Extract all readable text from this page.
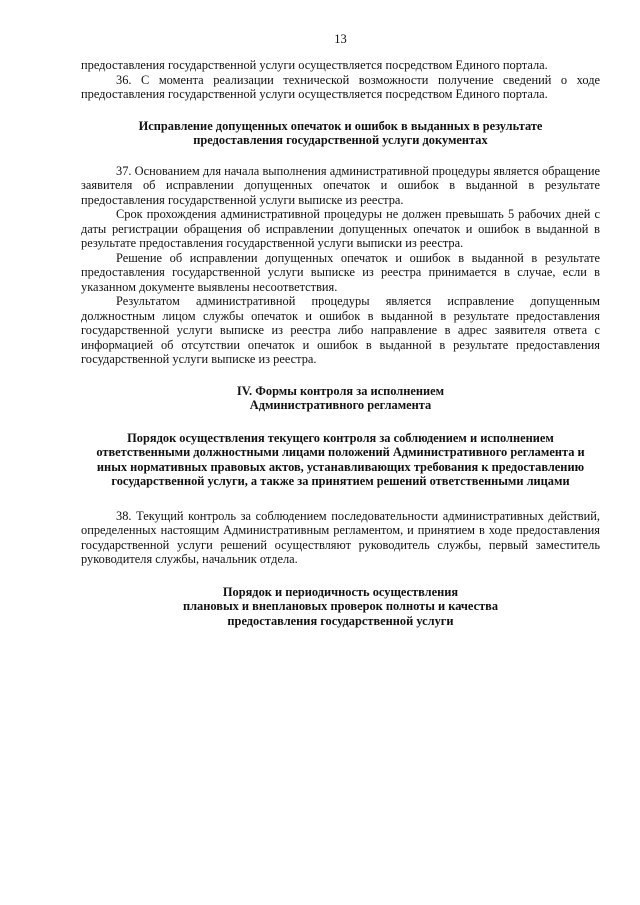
13

предоставления государственной услуги осуществляется посредством Единого портала.

36. С момента реализации технической возможности получение сведений о ходе предоставления государственной услуги осуществляется посредством Единого портала.

Исправление допущенных опечаток и ошибок в выданных в результате предоставления государственной услуги документах

37. Основанием для начала выполнения административной процедуры является обращение заявителя об исправлении допущенных опечаток и ошибок в выданной в результате предоставления государственной услуги выписке из реестра.

Срок прохождения административной процедуры не должен превышать 5 рабочих дней с даты регистрации обращения об исправлении допущенных опечаток и ошибок в выданной в результате предоставления государственной услуги выписки из реестра.

Решение об исправлении допущенных опечаток и ошибок в выданной в результате предоставления государственной услуги выписке из реестра принимается в случае, если в указанном документе выявлены несоответствия.

Результатом административной процедуры является исправление допущенным должностным лицом службы опечаток и ошибок в выданной в результате предоставления государственной услуги выписке из реестра либо направление в адрес заявителя ответа с информацией об отсутствии опечаток и ошибок в выданной в результате предоставления государственной услуги выписке из реестра.

IV. Формы контроля за исполнением
Административного регламента
Порядок осуществления текущего контроля за соблюдением и исполнением ответственными должностными лицами положений Административного регламента и иных нормативных правовых актов, устанавливающих требования к предоставлению государственной услуги, а также за принятием решений ответственными лицами

38. Текущий контроль за соблюдением последовательности административных действий, определенных настоящим Административным регламентом, и принятием в ходе предоставления государственной услуги решений осуществляют руководитель службы, первый заместитель руководителя службы, начальник отдела.

Порядок и периодичность осуществления
плановых и внеплановых проверок полноты и качества
предоставления государственной услуги
